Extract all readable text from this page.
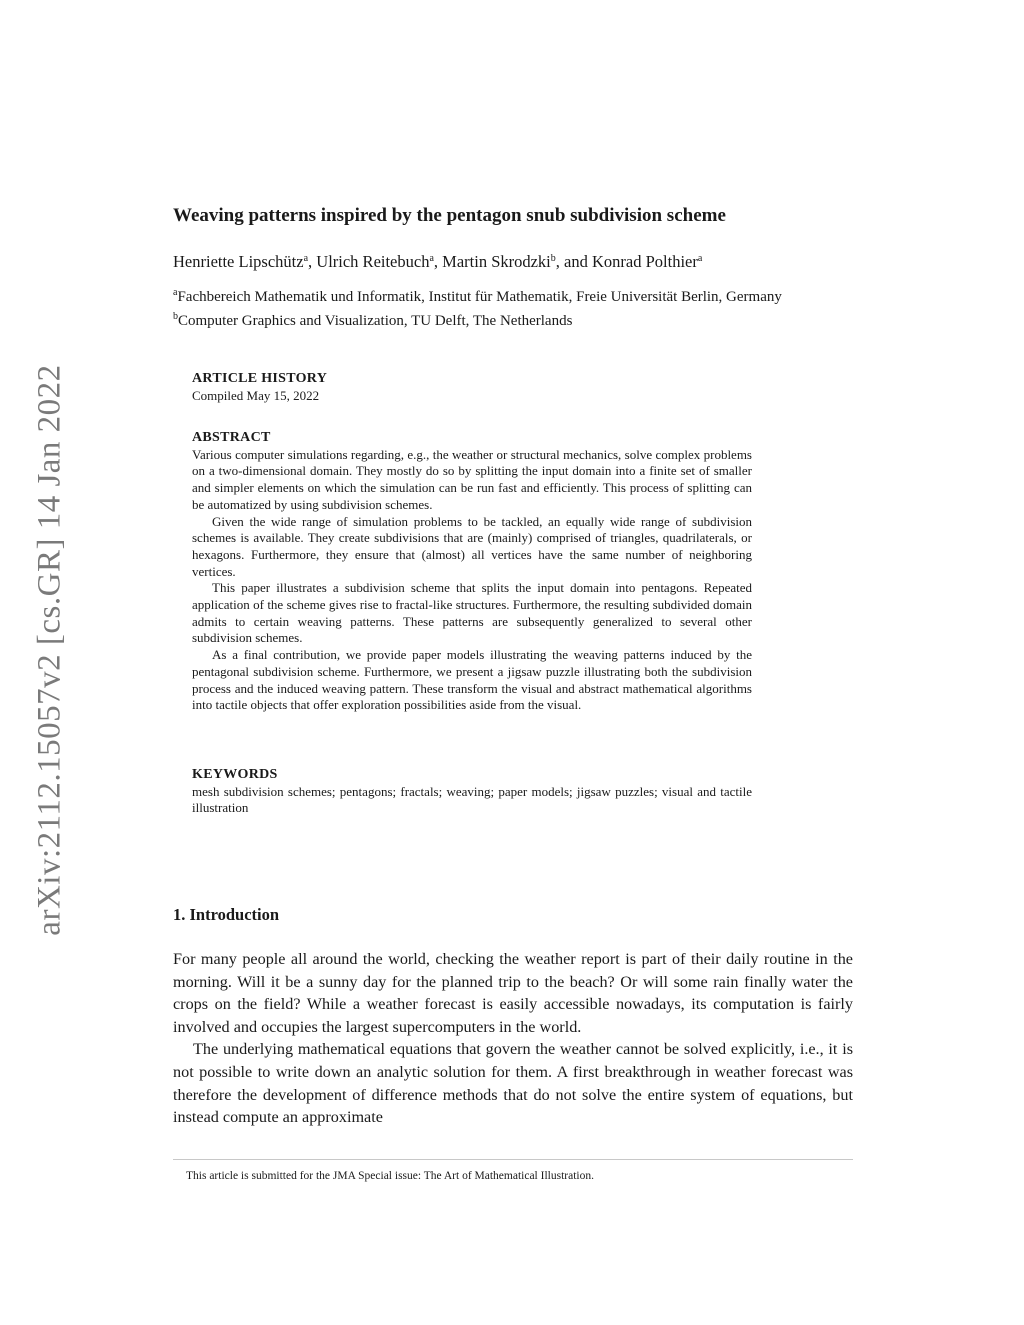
arXiv:2112.15057v2 [cs.GR] 14 Jan 2022
Weaving patterns inspired by the pentagon snub subdivision scheme
Henriette Lipschütz$^a$, Ulrich Reitebuch$^a$, Martin Skrodzki$^b$, and Konrad Polthier$^a$

$^a$Fachbereich Mathematik und Informatik, Institut für Mathematik, Freie Universität Berlin, Germany

$^b$Computer Graphics and Visualization, TU Delft, The Netherlands

ARTICLE HISTORY

Compiled May 15, 2022

ABSTRACT

Various computer simulations regarding, e.g., the weather or structural mechanics, solve complex problems on a two-dimensional domain. They mostly do so by splitting the input domain into a finite set of smaller and simpler elements on which the simulation can be run fast and efficiently. This process of splitting can be automatized by using subdivision schemes.

Given the wide range of simulation problems to be tackled, an equally wide range of subdivision schemes is available. They create subdivisions that are (mainly) comprised of triangles, quadrilaterals, or hexagons. Furthermore, they ensure that (almost) all vertices have the same number of neighboring vertices.

This paper illustrates a subdivision scheme that splits the input domain into pentagons. Repeated application of the scheme gives rise to fractal-like structures. Furthermore, the resulting subdivided domain admits to certain weaving patterns. These patterns are subsequently generalized to several other subdivision schemes.

As a final contribution, we provide paper models illustrating the weaving patterns induced by the pentagonal subdivision scheme. Furthermore, we present a jigsaw puzzle illustrating both the subdivision process and the induced weaving pattern. These transform the visual and abstract mathematical algorithms into tactile objects that offer exploration possibilities aside from the visual.

KEYWORDS

mesh subdivision schemes; pentagons; fractals; weaving; paper models; jigsaw puzzles; visual and tactile illustration

1. Introduction

For many people all around the world, checking the weather report is part of their daily routine in the morning. Will it be a sunny day for the planned trip to the beach? Or will some rain finally water the crops on the field? While a weather forecast is easily accessible nowadays, its computation is fairly involved and occupies the largest supercomputers in the world.

The underlying mathematical equations that govern the weather cannot be solved explicitly, i.e., it is not possible to write down an analytic solution for them. A first breakthrough in weather forecast was therefore the development of difference methods that do not solve the entire system of equations, but instead compute an approximate

This article is submitted for the JMA Special issue: The Art of Mathematical Illustration.
